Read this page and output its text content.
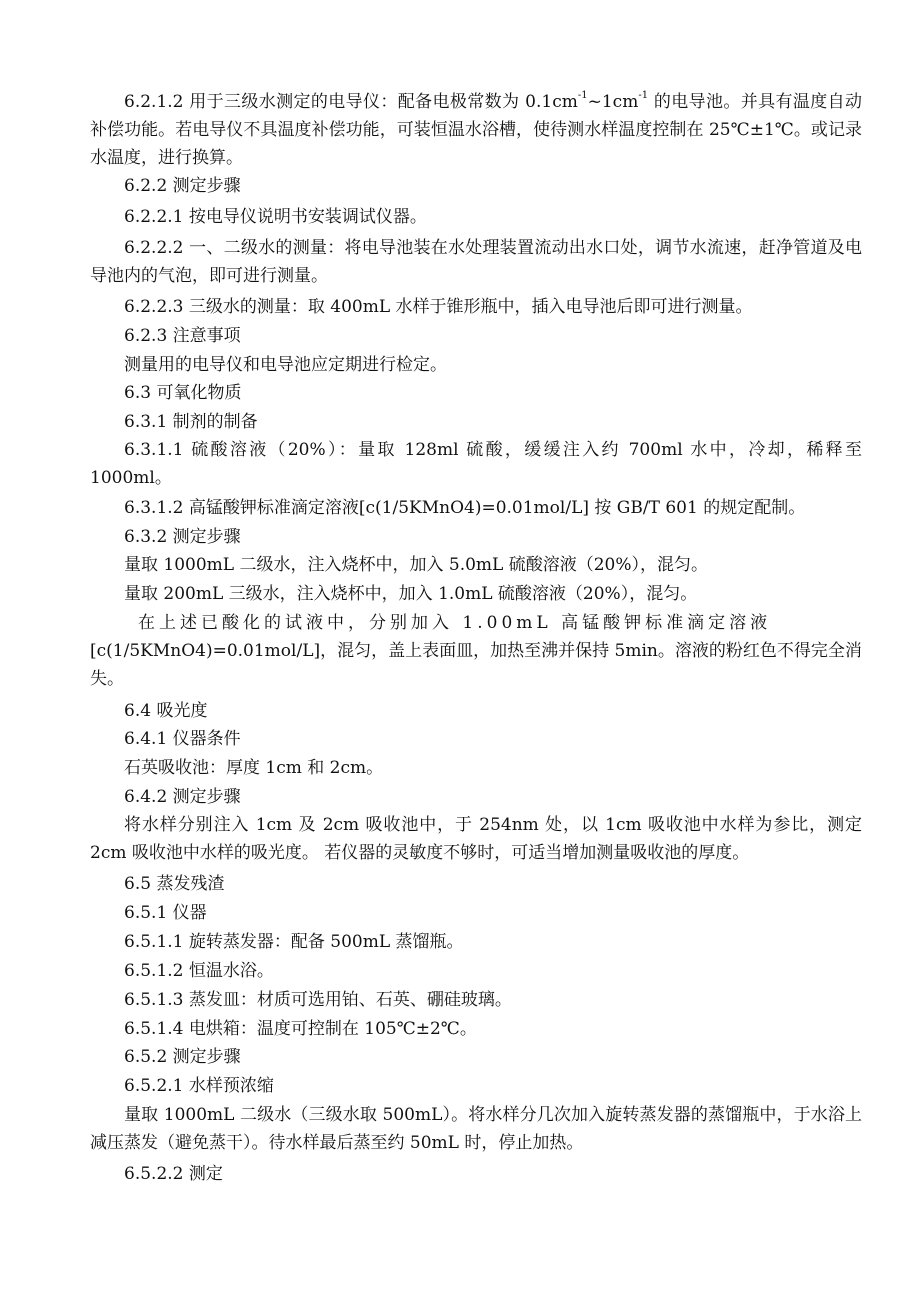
6.2.1.2 用于三级水测定的电导仪：配备电极常数为 $0.1cm^{-1}\sim 1cm^{-1}$ 的电导池。并具有温度自动补偿功能。若电导仪不具温度补偿功能，可装恒温水浴槽，使待测水样温度控制在 25℃±1℃。或记录水温度，进行换算。

6.2.2 测定步骤

6.2.2.1 按电导仪说明书安装调试仪器。

6.2.2.2 一、二级水的测量：将电导池装在水处理装置流动出水口处，调节水流速，赶净管道及电导池内的气泡，即可进行测量。

6.2.2.3 三级水的测量：取 400mL 水样于锥形瓶中，插入电导池后即可进行测量。

6.2.3 注意事项

测量用的电导仪和电导池应定期进行检定。

6.3 可氧化物质

6.3.1 制剂的制备

6.3.1.1 硫酸溶液（20%）：量取 128ml 硫酸，缓缓注入约 700ml 水中，冷却，稀释至 1000ml。

6.3.1.2 高锰酸钾标准滴定溶液[c(1/5KMnO4)=0.01mol/L] 按 GB/T 601 的规定配制。

6.3.2 测定步骤

量取 1000mL 二级水，注入烧杯中，加入 5.0mL 硫酸溶液（20%），混匀。

量取 200mL 三级水，注入烧杯中，加入 1.0mL 硫酸溶液（20%），混匀。

在上述已酸化的试液中，分别加入 1.00mL 高锰酸钾标准滴定溶液

[c(1/5KMnO4)=0.01mol/L]，混匀，盖上表面皿，加热至沸并保持 5min。溶液的粉红色不得完全消失。

6.4 吸光度

6.4.1 仪器条件

石英吸收池：厚度 1cm 和 2cm。

6.4.2 测定步骤

将水样分别注入 1cm 及 2cm 吸收池中，于 254nm 处，以 1cm 吸收池中水样为参比，测定 2cm 吸收池中水样的吸光度。 若仪器的灵敏度不够时，可适当增加测量吸收池的厚度。

6.5 蒸发残渣

6.5.1 仪器

6.5.1.1 旋转蒸发器：配备 500mL 蒸馏瓶。

6.5.1.2 恒温水浴。

6.5.1.3 蒸发皿：材质可选用铂、石英、硼硅玻璃。

6.5.1.4 电烘箱：温度可控制在 105℃±2℃。

6.5.2 测定步骤

6.5.2.1 水样预浓缩

量取 1000mL 二级水（三级水取 500mL）。将水样分几次加入旋转蒸发器的蒸馏瓶中，于水浴上减压蒸发（避免蒸干）。待水样最后蒸至约 50mL 时，停止加热。

6.5.2.2 测定
